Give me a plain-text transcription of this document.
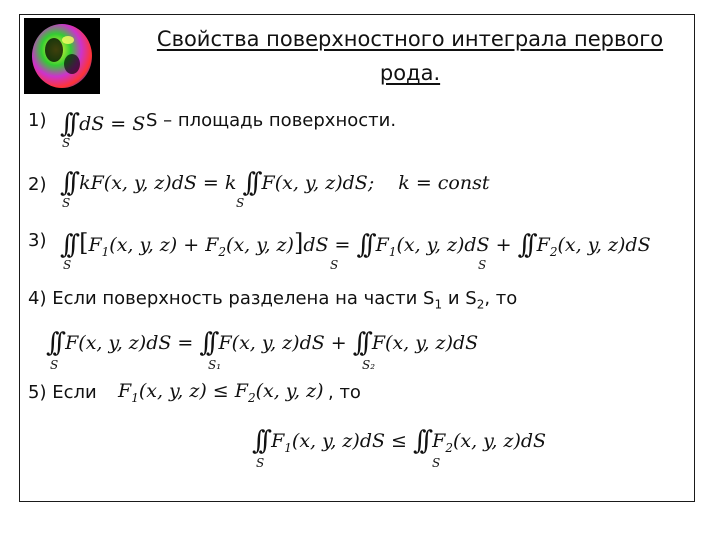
Свойства поверхностного интеграла первого
рода.
1) ∫∫ dS = S
S
S – площадь поверхности.
2) ∫∫ kF(x, y, z)dS = k ∫∫ F(x, y, z)dS; k = const
S	S
3) ∫∫ [$F_1(x$, y, $z) + F_2(x$, y, z)]dS = ∫∫ $F_1(x$, y, z)dS + ∫∫ $F_2(x$, y, z)dS
S	S	S
4) Если поверхность разделена на части $S_1$ и $S_2$, то
∫∫ F(x, y, z)dS = ∫∫ F(x, y, z)dS + ∫∫ F(x, y, z)dS
S	S₁	S₂
5) Если $F_1(x$, y, $z) \le F_2(x$, y, z) , то
∫∫ $F_1(x$, y, z)dS ≤ ∫∫ $F_2(x$, y, z)dS
S	S
